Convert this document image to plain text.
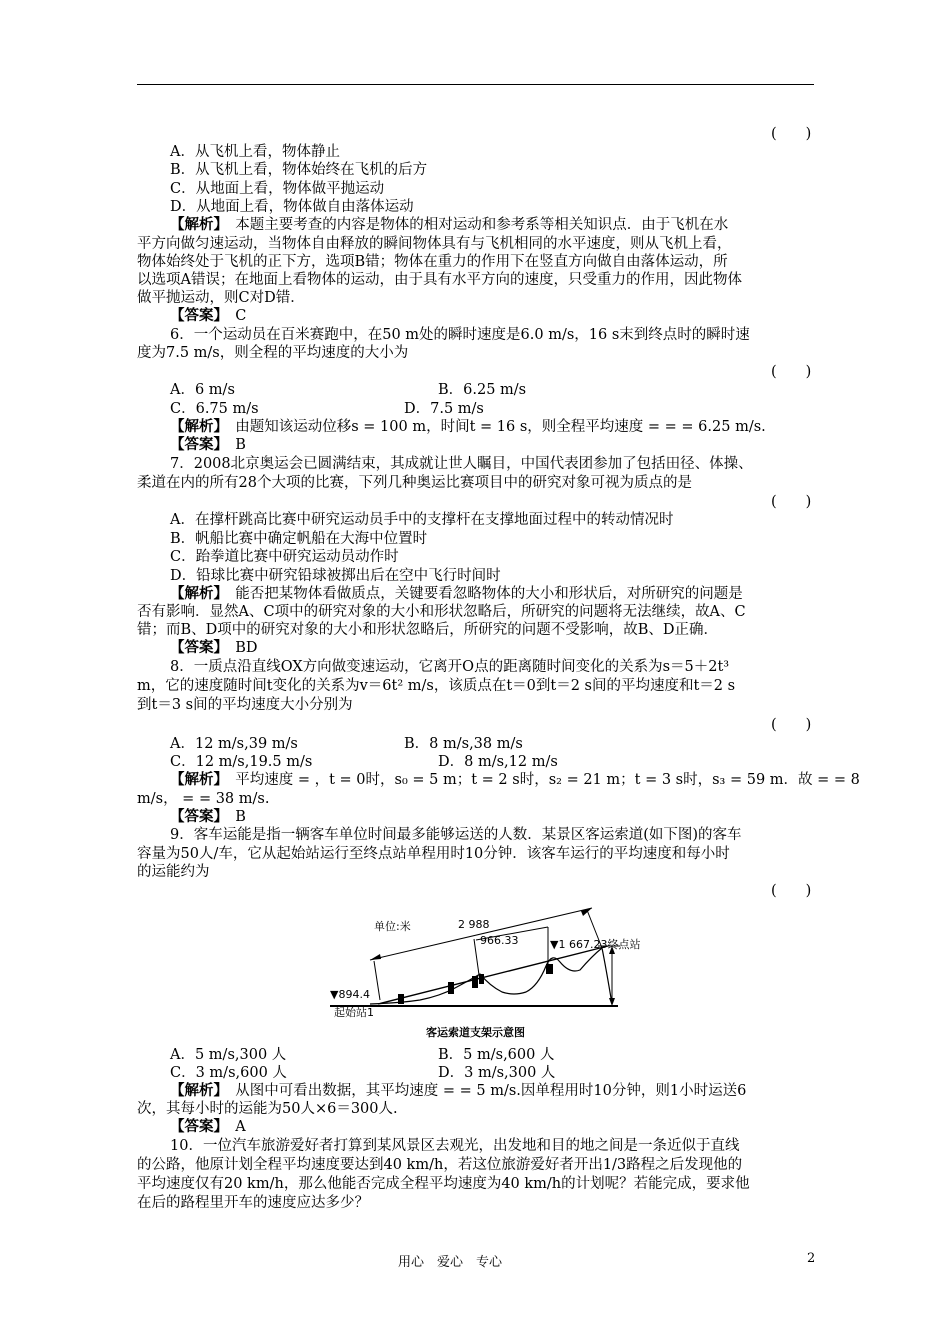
(　　)
A．从飞机上看，物体静止
B．从飞机上看，物体始终在飞机的后方
C．从地面上看，物体做平抛运动
D．从地面上看，物体做自由落体运动
【解析】　 本题主要考查的内容是物体的相对运动和参考系等相关知识点．由于飞机在水
平方向做匀速运动，当物体自由释放的瞬间物体具有与飞机相同的水平速度，则从飞机上看，
物体始终处于飞机的正下方，选项B错；物体在重力的作用下在竖直方向做自由落体运动，所
以选项A错误；在地面上看物体的运动，由于具有水平方向的速度，只受重力的作用，因此物体
做平抛运动，则C对D错．
【答案】　 C
6．一个运动员在百米赛跑中，在50 m处的瞬时速度是6.0 m/s，16 s末到终点时的瞬时速
度为7.5 m/s，则全程的平均速度的大小为
(　　)
A．6 m/s	B．6.25 m/s
C．6.75 m/s	D．7.5 m/s
【解析】　 由题知该运动位移s = 100 m，时间t = 16 s，则全程平均速度 = = = 6.25 m/s.
【答案】　 B
7．2008北京奥运会已圆满结束，其成就让世人瞩目，中国代表团参加了包括田径、体操、
柔道在内的所有28个大项的比赛，下列几种奥运比赛项目中的研究对象可视为质点的是
(　　)
A．在撑杆跳高比赛中研究运动员手中的支撑杆在支撑地面过程中的转动情况时
B．帆船比赛中确定帆船在大海中位置时
C．跆拳道比赛中研究运动员动作时
D．铅球比赛中研究铅球被掷出后在空中飞行时间时
【解析】　 能否把某物体看做质点，关键要看忽略物体的大小和形状后，对所研究的问题是
否有影响．显然A、C项中的研究对象的大小和形状忽略后，所研究的问题将无法继续，故A、C
错；而B、D项中的研究对象的大小和形状忽略后，所研究的问题不受影响，故B、D正确．
【答案】　 BD
8．一质点沿直线OX方向做变速运动，它离开O点的距离随时间变化的关系为s＝5＋2t³
m，它的速度随时间t变化的关系为v＝6t² m/s，该质点在t＝0到t＝2 s间的平均速度和t＝2 s
到t＝3 s间的平均速度大小分别为
(　　)
A．12 m/s,39 m/s	B．8 m/s,38 m/s
C．12 m/s,19.5 m/s	D．8 m/s,12 m/s
【解析】　 平均速度 = ，t = 0时，s₀ = 5 m；t = 2 s时，s₂ = 21 m；t = 3 s时，s₃ = 59 m．故 = = 8
m/s， = = 38 m/s.
【答案】　 B
9．客车运能是指一辆客车单位时间最多能够运送的人数．某景区客运索道(如下图)的客车
容量为50人/车，它从起始站运行至终点站单程用时10分钟．该客车运行的平均速度和每小时
的运能约为
(　　)
单位:米	2 988
966.33	▼1 667.23终点站
▼894.4
起始站1
客运索道支架示意图
A．5 m/s,300 人	B．5 m/s,600 人
C．3 m/s,600 人	D．3 m/s,300 人
【解析】　 从图中可看出数据，其平均速度 = = 5 m/s.因单程用时10分钟，则1小时运送6
次，其每小时的运能为50人×6＝300人.
【答案】　 A
10．一位汽车旅游爱好者打算到某风景区去观光，出发地和目的地之间是一条近似于直线
的公路，他原计划全程平均速度要达到40 km/h，若这位旅游爱好者开出1/3路程之后发现他的
平均速度仅有20 km/h，那么他能否完成全程平均速度为40 km/h的计划呢？若能完成，要求他
在后的路程里开车的速度应达多少？
用心　爱心　专心	2
